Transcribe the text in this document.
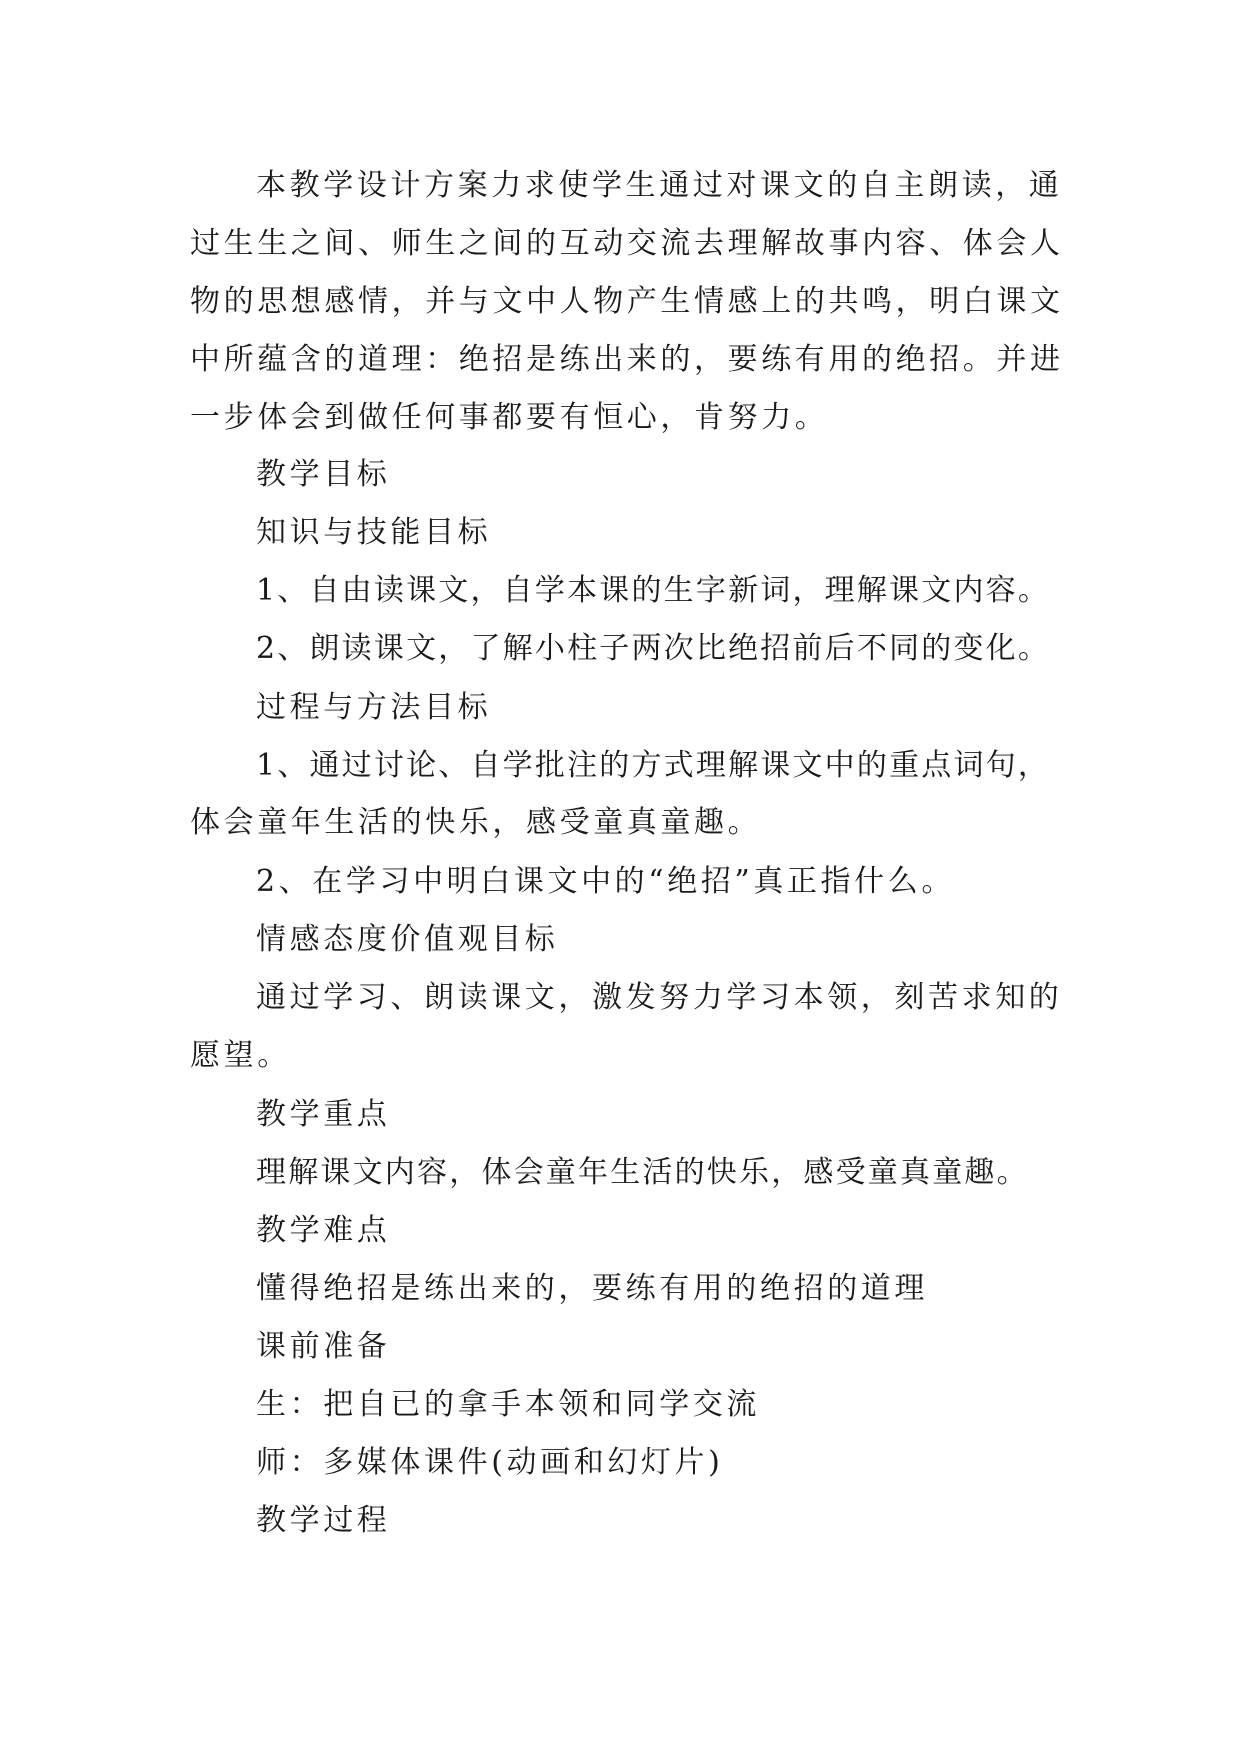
本教学设计方案力求使学生通过对课文的自主朗读，通
过生生之间、师生之间的互动交流去理解故事内容、体会人
物的思想感情，并与文中人物产生情感上的共鸣，明白课文
中所蕴含的道理：绝招是练出来的，要练有用的绝招。并进
一步体会到做任何事都要有恒心，肯努力。
教学目标
知识与技能目标
1、自由读课文，自学本课的生字新词，理解课文内容。
2、朗读课文，了解小柱子两次比绝招前后不同的变化。
过程与方法目标
1、通过讨论、自学批注的方式理解课文中的重点词句，
体会童年生活的快乐，感受童真童趣。
2、在学习中明白课文中的“绝招”真正指什么。
情感态度价值观目标
通过学习、朗读课文，激发努力学习本领，刻苦求知的
愿望。
教学重点
理解课文内容，体会童年生活的快乐，感受童真童趣。
教学难点
懂得绝招是练出来的，要练有用的绝招的道理
课前准备
生：把自已的拿手本领和同学交流
师：多媒体课件(动画和幻灯片)
教学过程
